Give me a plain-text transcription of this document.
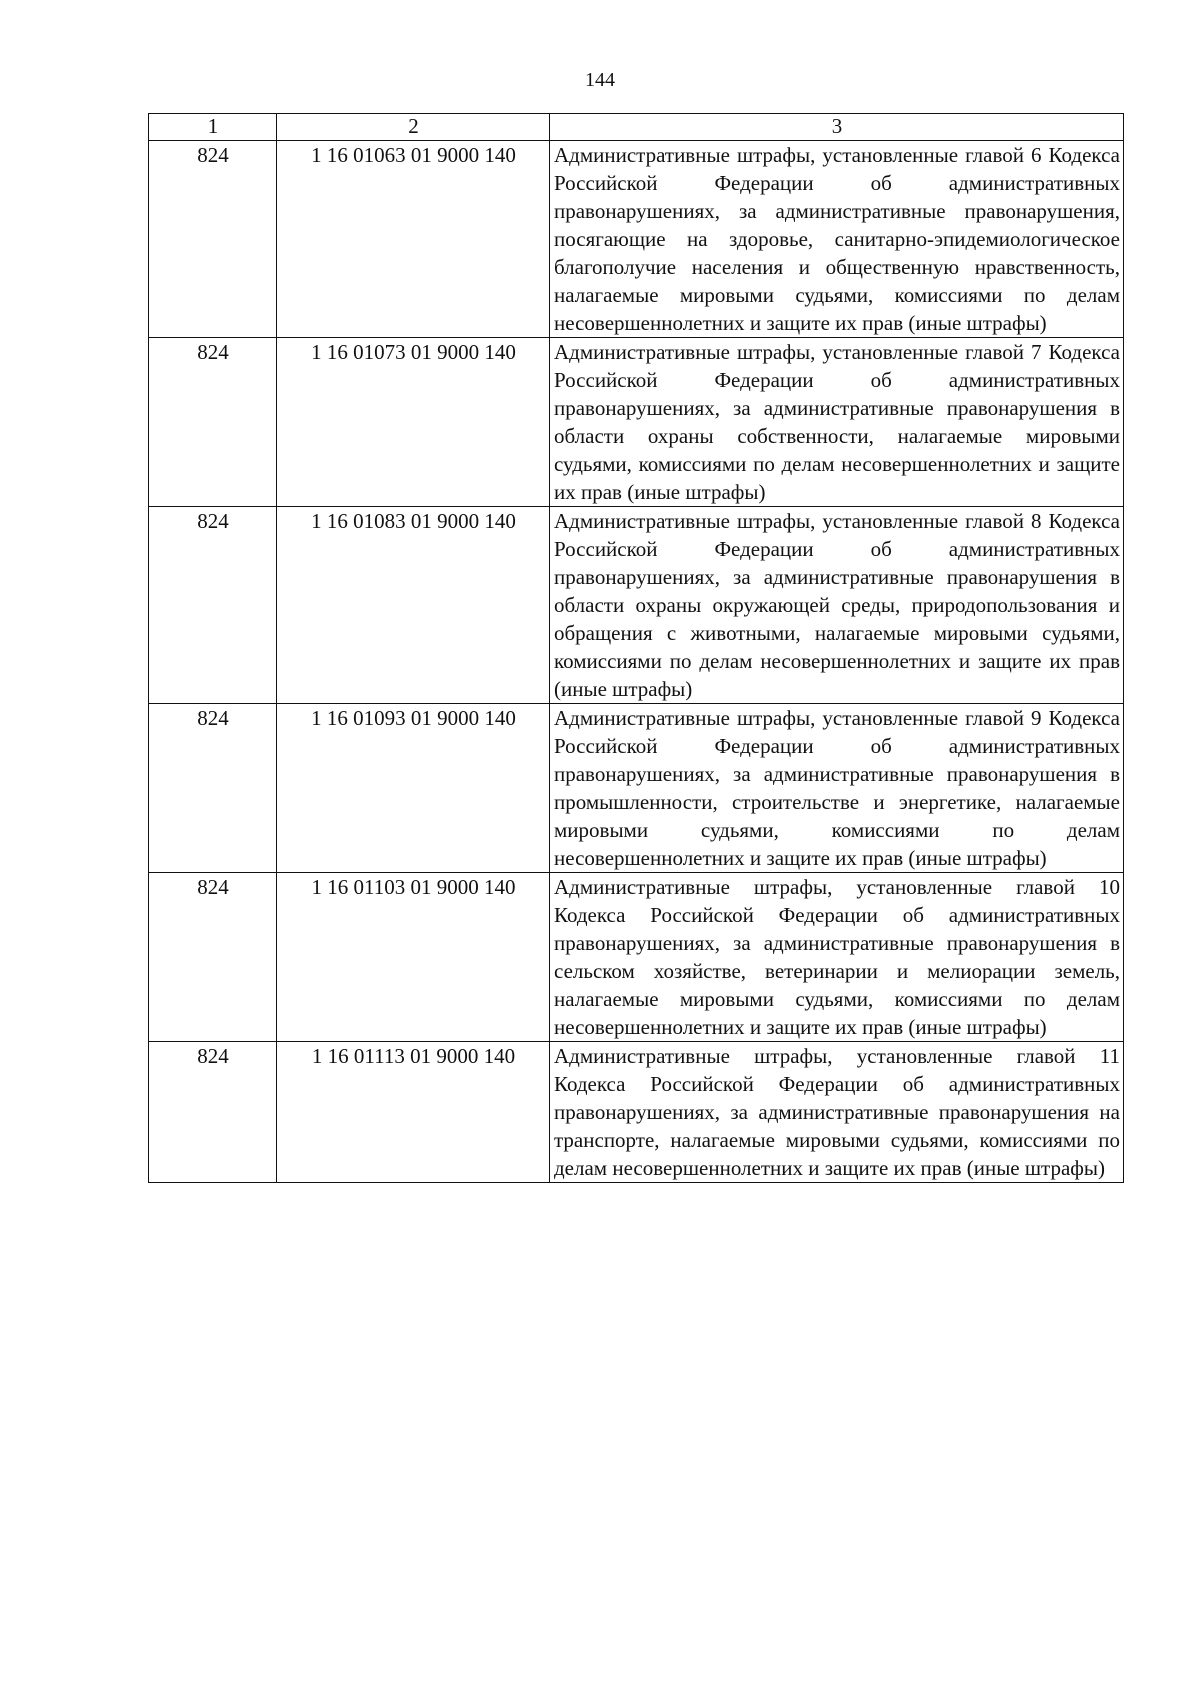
144
1	2	3
824	1 16 01063 01 9000 140	Административные штрафы, установленные главой 6 Кодекса Российской Федерации об административных правонарушениях, за административные правонарушения, посягающие на здоровье, санитарно-эпидемиологическое благополучие населения и общественную нравственность, налагаемые мировыми судьями, комиссиями по делам несовершеннолетних и защите их прав (иные штрафы)
824	1 16 01073 01 9000 140	Административные штрафы, установленные главой 7 Кодекса Российской Федерации об административных правонарушениях, за административные правонарушения в области охраны собственности, налагаемые мировыми судьями, комиссиями по делам несовершеннолетних и защите их прав (иные штрафы)
824	1 16 01083 01 9000 140	Административные штрафы, установленные главой 8 Кодекса Российской Федерации об административных правонарушениях, за административные правонарушения в области охраны окружающей среды, природопользования и обращения с животными, налагаемые мировыми судьями, комиссиями по делам несовершеннолетних и защите их прав (иные штрафы)
824	1 16 01093 01 9000 140	Административные штрафы, установленные главой 9 Кодекса Российской Федерации об административных правонарушениях, за административные правонарушения в промышленности, строительстве и энергетике, налагаемые мировыми судьями, комиссиями по делам несовершеннолетних и защите их прав (иные штрафы)
824	1 16 01103 01 9000 140	Административные штрафы, установленные главой 10 Кодекса Российской Федерации об административных правонарушениях, за административные правонарушения в сельском хозяйстве, ветеринарии и мелиорации земель, налагаемые мировыми судьями, комиссиями по делам несовершеннолетних и защите их прав (иные штрафы)
824	1 16 01113 01 9000 140	Административные штрафы, установленные главой 11 Кодекса Российской Федерации об административных правонарушениях, за административные правонарушения на транспорте, налагаемые мировыми судьями, комиссиями по делам несовершеннолетних и защите их прав (иные штрафы)
